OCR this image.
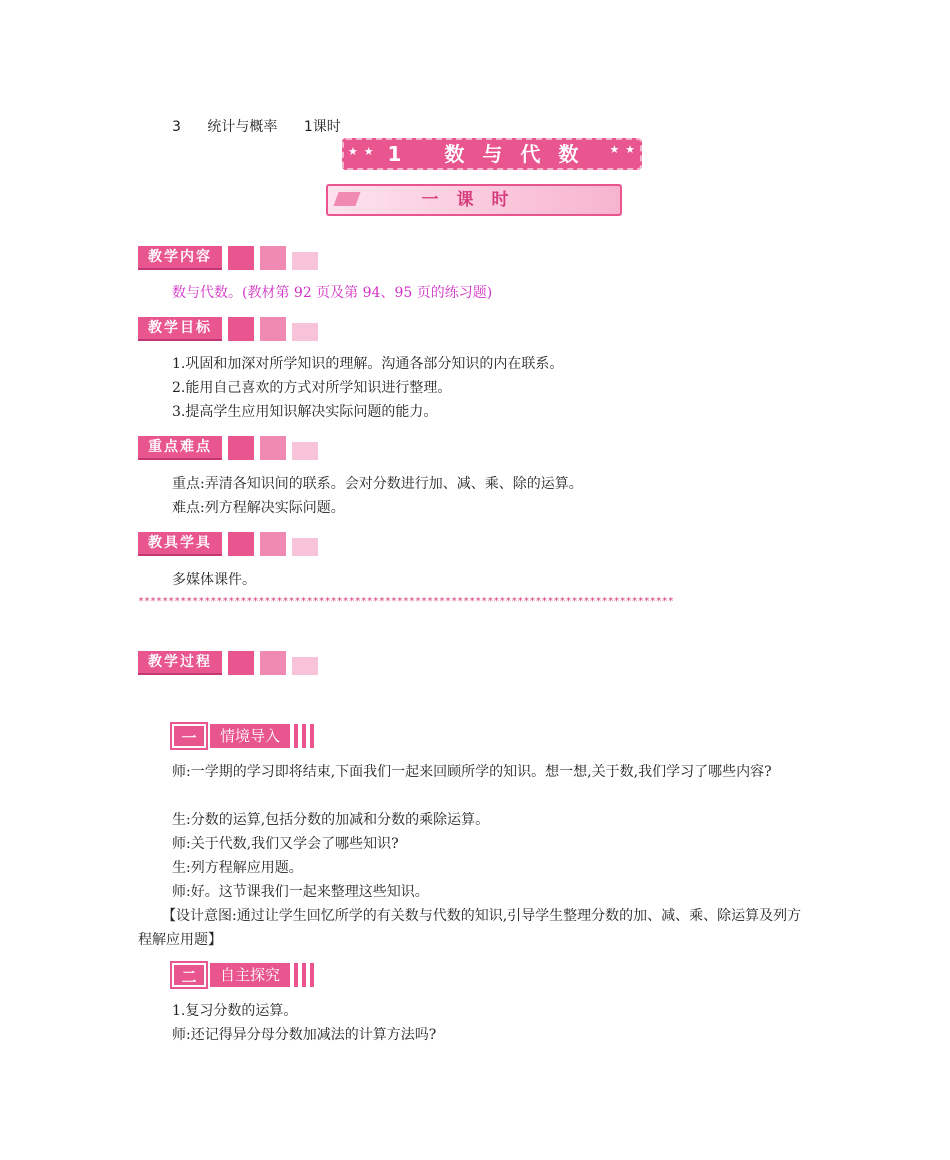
3 统计与概率 1课时
★ ★ 1 数与代数 ★ ★
一课时
教学内容
数与代数。(教材第 92 页及第 94、95 页的练习题)
教学目标
1.巩固和加深对所学知识的理解。沟通各部分知识的内在联系。
2.能用自己喜欢的方式对所学知识进行整理。
3.提高学生应用知识解决实际问题的能力。
重点难点
重点:弄清各知识间的联系。会对分数进行加、减、乘、除的运算。
难点:列方程解决实际问题。
教具学具
多媒体课件。
*****************************************************************************************
教学过程
一	情境导入
师:一学期的学习即将结束,下面我们一起来回顾所学的知识。想一想,关于数,我们学习了哪些内容?
生:分数的运算,包括分数的加减和分数的乘除运算。
师:关于代数,我们又学会了哪些知识?
生:列方程解应用题。
师:好。这节课我们一起来整理这些知识。
【设计意图:通过让学生回忆所学的有关数与代数的知识,引导学生整理分数的加、减、乘、除运算及列方程解应用题】
二	自主探究
1.复习分数的运算。
师:还记得异分母分数加减法的计算方法吗?
